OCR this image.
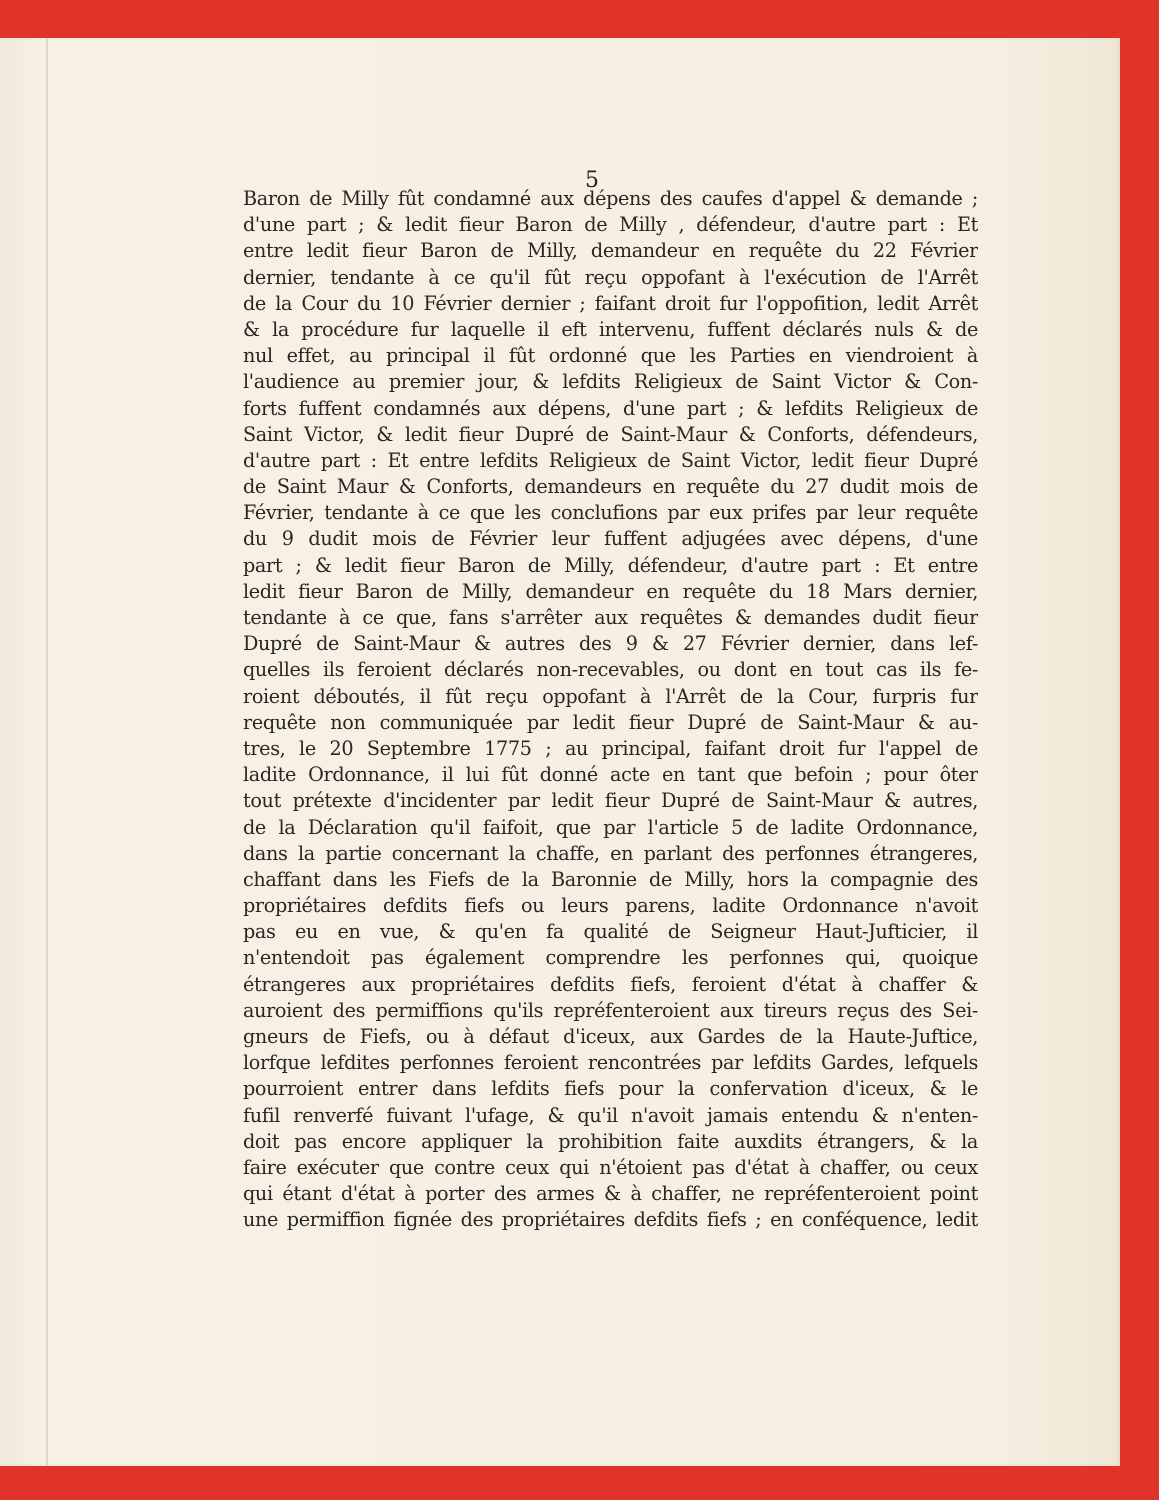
5
Baron de Milly fût condamné aux dépens des caufes d'appel & demande ;
d'une part ; & ledit fieur Baron de Milly , défendeur, d'autre part : Et
entre ledit fieur Baron de Milly, demandeur en requête du 22 Février
dernier, tendante à ce qu'il fût reçu oppofant à l'exécution de l'Arrêt
de la Cour du 10 Février dernier ; faifant droit fur l'oppofition, ledit Arrêt
& la procédure fur laquelle il eft intervenu, fuffent déclarés nuls & de
nul effet, au principal il fût ordonné que les Parties en viendroient à
l'audience au premier jour, & lefdits Religieux de Saint Victor & Con-
forts fuffent condamnés aux dépens, d'une part ; & lefdits Religieux de
Saint Victor, & ledit fieur Dupré de Saint-Maur & Conforts, défendeurs,
d'autre part : Et entre lefdits Religieux de Saint Victor, ledit fieur Dupré
de Saint Maur & Conforts, demandeurs en requête du 27 dudit mois de
Février, tendante à ce que les conclufions par eux prifes par leur requête
du 9 dudit mois de Février leur fuffent adjugées avec dépens, d'une
part ; & ledit fieur Baron de Milly, défendeur, d'autre part : Et entre
ledit fieur Baron de Milly, demandeur en requête du 18 Mars dernier,
tendante à ce que, fans s'arrêter aux requêtes & demandes dudit fieur
Dupré de Saint-Maur & autres des 9 & 27 Février dernier, dans lef-
quelles ils feroient déclarés non-recevables, ou dont en tout cas ils fe-
roient déboutés, il fût reçu oppofant à l'Arrêt de la Cour, furpris fur
requête non communiquée par ledit fieur Dupré de Saint-Maur & au-
tres, le 20 Septembre 1775 ; au principal, faifant droit fur l'appel de
ladite Ordonnance, il lui fût donné acte en tant que befoin ; pour ôter
tout prétexte d'incidenter par ledit fieur Dupré de Saint-Maur & autres,
de la Déclaration qu'il faifoit, que par l'article 5 de ladite Ordonnance,
dans la partie concernant la chaffe, en parlant des perfonnes étrangeres,
chaffant dans les Fiefs de la Baronnie de Milly, hors la compagnie des
propriétaires defdits fiefs ou leurs parens, ladite Ordonnance n'avoit
pas eu en vue, & qu'en fa qualité de Seigneur Haut-Jufticier, il
n'entendoit pas également comprendre les perfonnes qui, quoique
étrangeres aux propriétaires defdits fiefs, feroient d'état à chaffer &
auroient des permiffions qu'ils repréfenteroient aux tireurs reçus des Sei-
gneurs de Fiefs, ou à défaut d'iceux, aux Gardes de la Haute-Juftice,
lorfque lefdites perfonnes feroient rencontrées par lefdits Gardes, lefquels
pourroient entrer dans lefdits fiefs pour la confervation d'iceux, & le
fufil renverfé fuivant l'ufage, & qu'il n'avoit jamais entendu & n'enten-
doit pas encore appliquer la prohibition faite auxdits étrangers, & la
faire exécuter que contre ceux qui n'étoient pas d'état à chaffer, ou ceux
qui étant d'état à porter des armes & à chaffer, ne repréfenteroient point
une permiffion fignée des propriétaires defdits fiefs ; en conféquence, ledit
